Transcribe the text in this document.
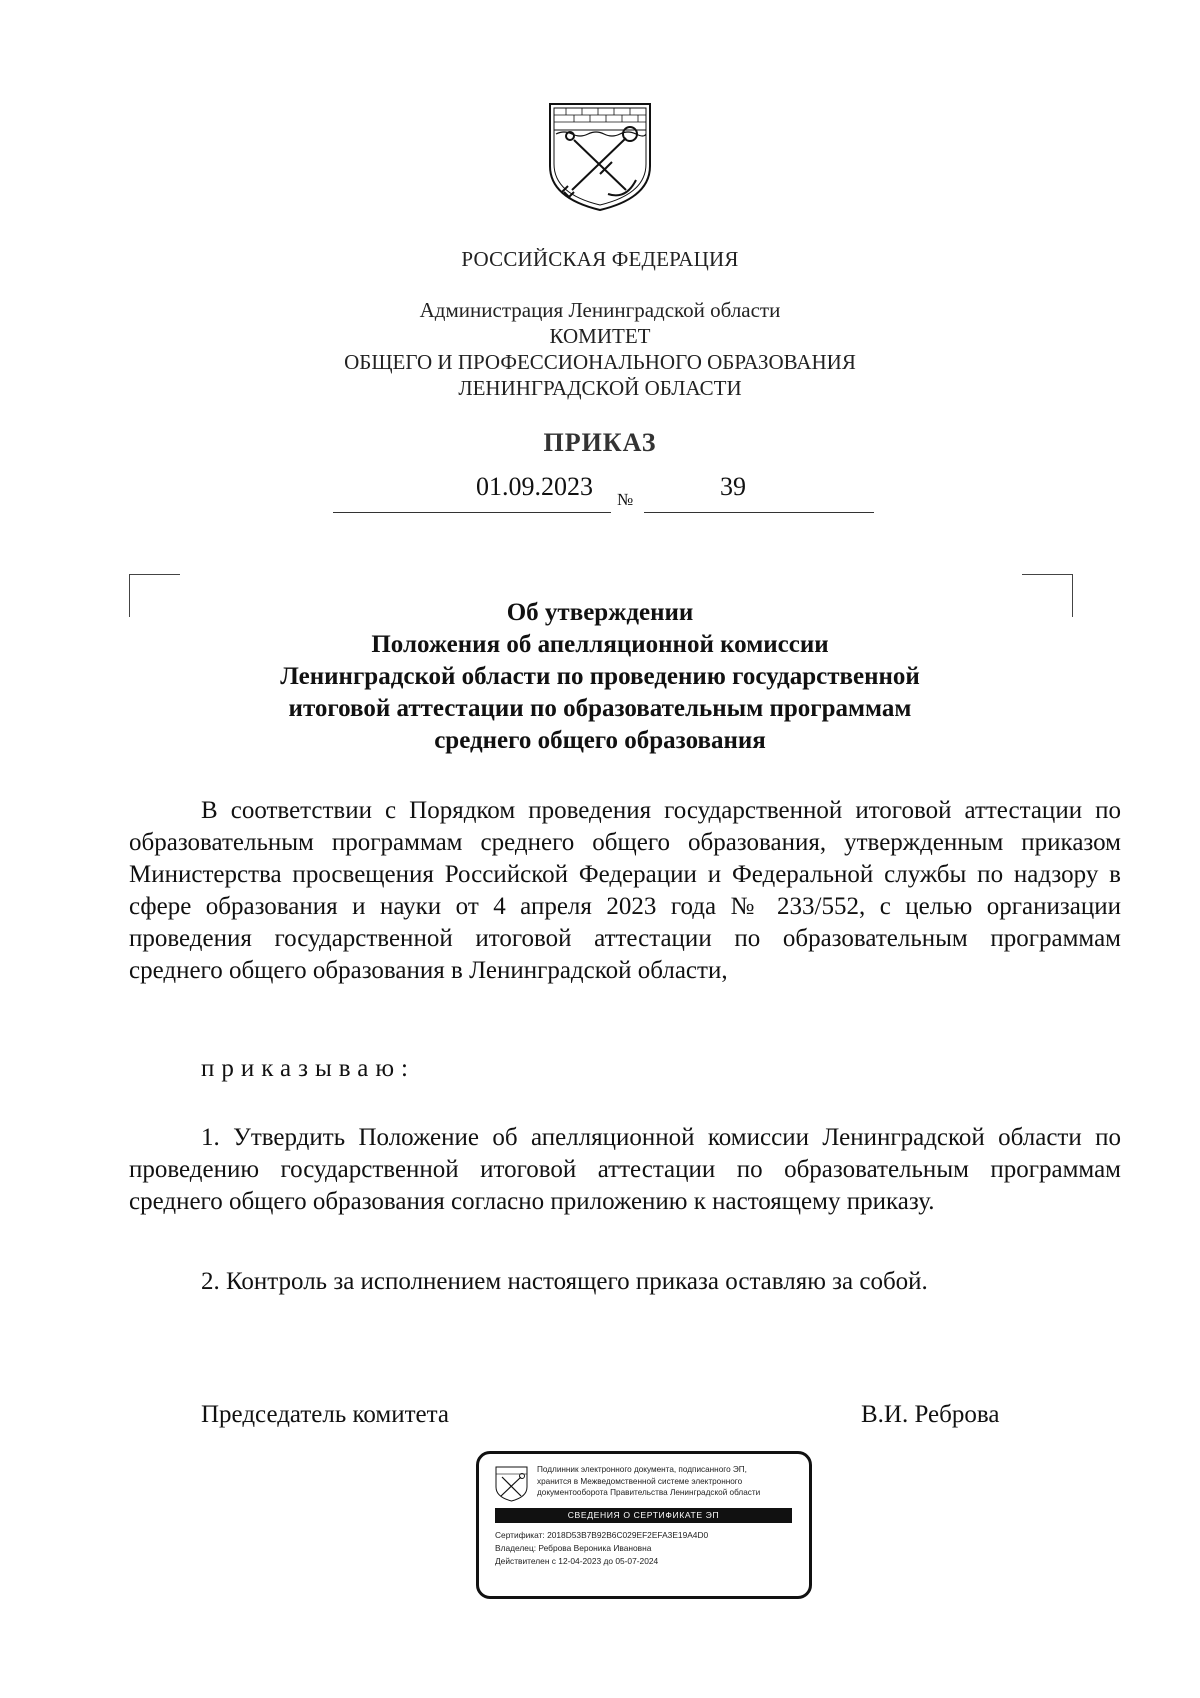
РОССИЙСКАЯ ФЕДЕРАЦИЯ
Администрация Ленинградской области
КОМИТЕТ
ОБЩЕГО И ПРОФЕССИОНАЛЬНОГО ОБРАЗОВАНИЯ
ЛЕНИНГРАДСКОЙ ОБЛАСТИ
ПРИКАЗ
01.09.2023 №	39
Об утверждении
Положения об апелляционной комиссии
Ленинградской области по проведению государственной
итоговой аттестации по образовательным программам
среднего общего образования
В соответствии с Порядком проведения государственной итоговой аттестации по образовательным программам среднего общего образования, утвержденным приказом Министерства просвещения Российской Федерации и Федеральной службы по надзору в сфере образования и науки от 4 апреля 2023 года № 233/552, с целью организации проведения государственной итоговой аттестации по образовательным программам среднего общего образования в Ленинградской области,
приказываю:
1. Утвердить Положение об апелляционной комиссии Ленинградской области по проведению государственной итоговой аттестации по образовательным программам среднего общего образования согласно приложению к настоящему приказу.
2. Контроль за исполнением настоящего приказа оставляю за собой.
Председатель комитета	В.И. Реброва
Подлинник электронного документа, подписанного ЭП,
хранится в Межведомственной системе электронного
документооборота Правительства Ленинградской области
СВЕДЕНИЯ О СЕРТИФИКАТЕ ЭП
Сертификат: 2018D53B7B92B6C029EF2EFA3E19A4D0
Владелец: Реброва Вероника Ивановна
Действителен с 12-04-2023 до 05-07-2024
